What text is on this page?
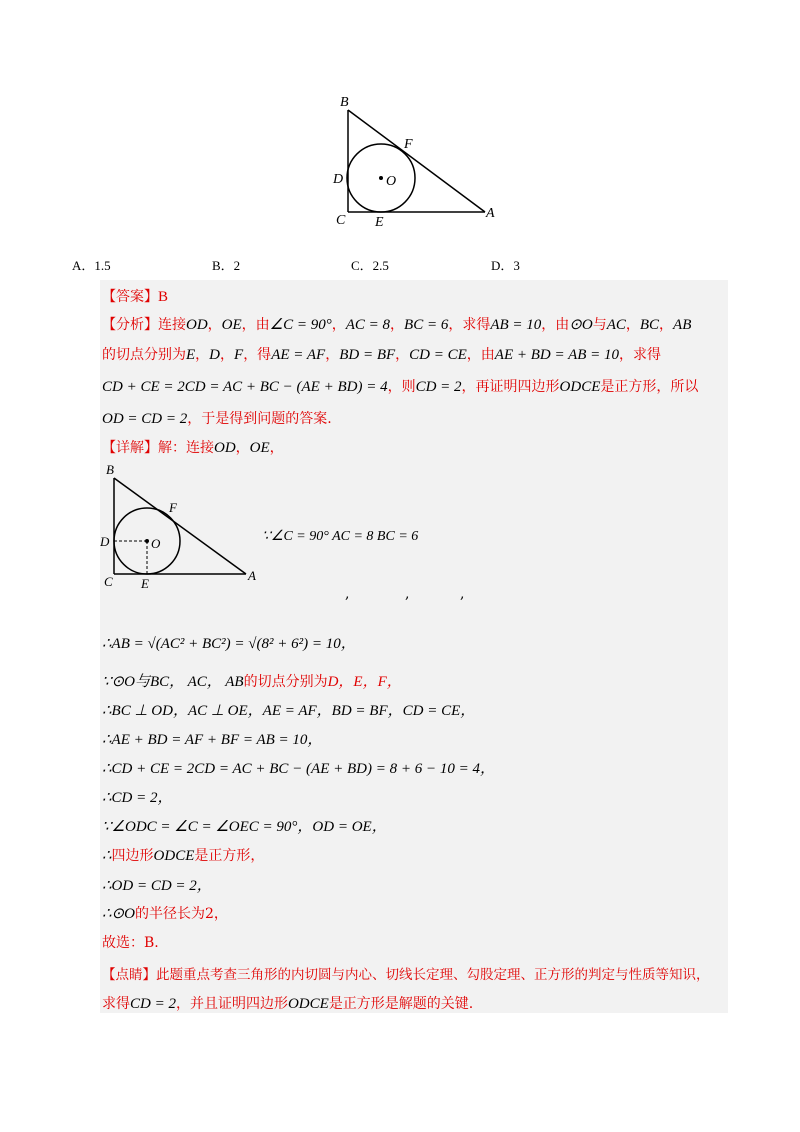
B
F
D	O
C E
A
A．1.5	B．2	C．2.5	D．3
【答案】B
【分析】连接OD，OE，由∠C = 90°，AC = 8，BC = 6，求得AB = 10，由⊙O与AC，BC，AB
的切点分别为E，D，F，得AE = AF，BD = BF，CD = CE，由AE + BD = AB = 10，求得
CD + CE = 2CD = AC + BC − (AE + BD) = 4，则CD = 2，再证明四边形ODCE是正方形，所以
OD = CD = 2，于是得到问题的答案.
【详解】解：连接OD，OE，
B
F
D	O
C E
A
∵∠C = 90° AC = 8 BC = 6
,	,	,
∴AB = √(AC² + BC²) = √(8² + 6²) = 10，
∵⊙O与BC， AC， AB的切点分别为D，E，F，
∴BC ⊥ OD，AC ⊥ OE，AE = AF，BD = BF，CD = CE，
∴AE + BD = AF + BF = AB = 10，
∴CD + CE = 2CD = AC + BC − (AE + BD) = 8 + 6 − 10 = 4，
∴CD = 2，
∵∠ODC = ∠C = ∠OEC = 90°，OD = OE，
∴四边形ODCE是正方形，
∴OD = CD = 2，
∴⊙O的半径长为2，
故选：B.
【点睛】此题重点考查三角形的内切圆与内心、切线长定理、勾股定理、正方形的判定与性质等知识，
求得CD = 2，并且证明四边形ODCE是正方形是解题的关键.
